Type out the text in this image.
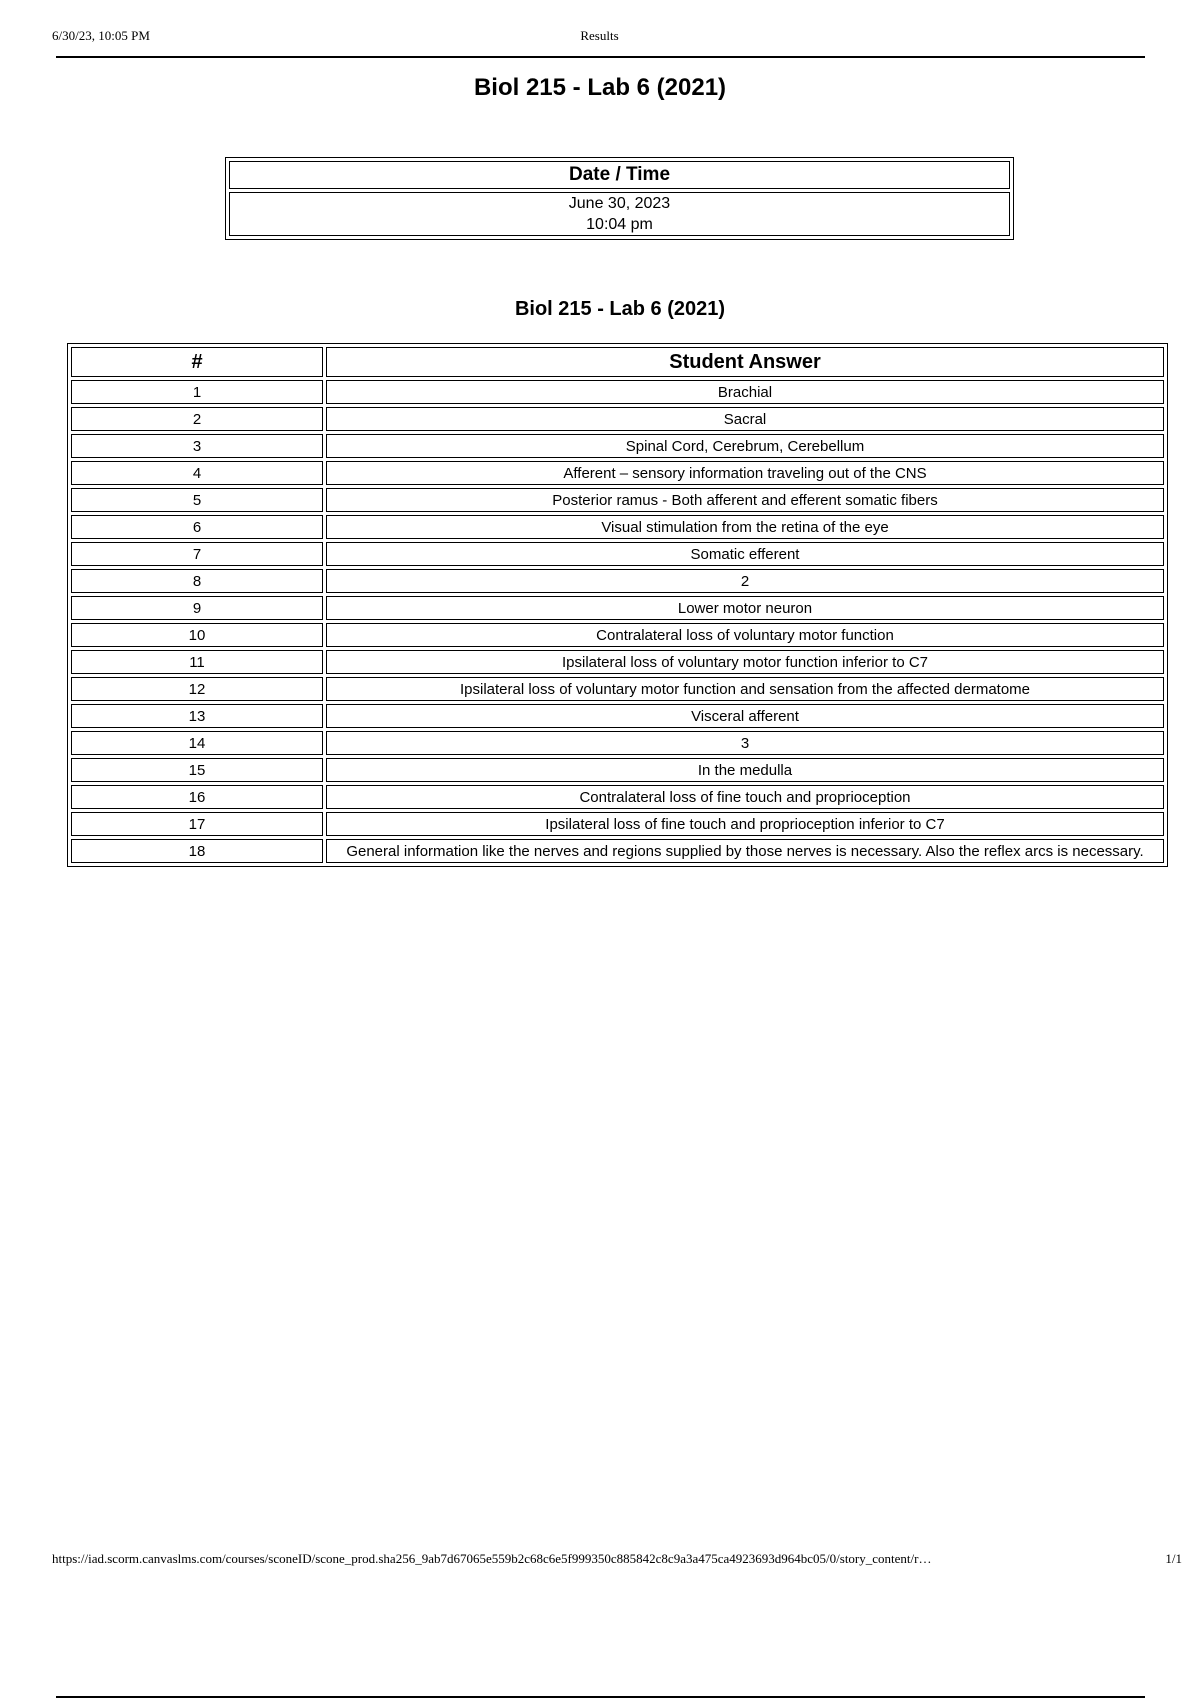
6/30/23, 10:05 PM	Results
Biol 215 - Lab 6 (2021)
Date / Time

June 30, 2023
10:04 pm
Biol 215 - Lab 6 (2021)
#	Student Answer
1	Brachial
2	Sacral
3	Spinal Cord, Cerebrum, Cerebellum
4	Afferent – sensory information traveling out of the CNS
5	Posterior ramus - Both afferent and efferent somatic fibers
6	Visual stimulation from the retina of the eye
7	Somatic efferent
8	2
9	Lower motor neuron
10	Contralateral loss of voluntary motor function
11	Ipsilateral loss of voluntary motor function inferior to C7
12	Ipsilateral loss of voluntary motor function and sensation from the affected dermatome
13	Visceral afferent
14	3
15	In the medulla
16	Contralateral loss of fine touch and proprioception
17	Ipsilateral loss of fine touch and proprioception inferior to C7
18	General information like the nerves and regions supplied by those nerves is necessary. Also the reflex arcs is necessary.
https://iad.scorm.canvaslms.com/courses/sconeID/scone_prod.sha256_9ab7d67065e559b2c68c6e5f999350c885842c8c9a3a475ca4923693d964bc05/0/story_content/r…	1/1
